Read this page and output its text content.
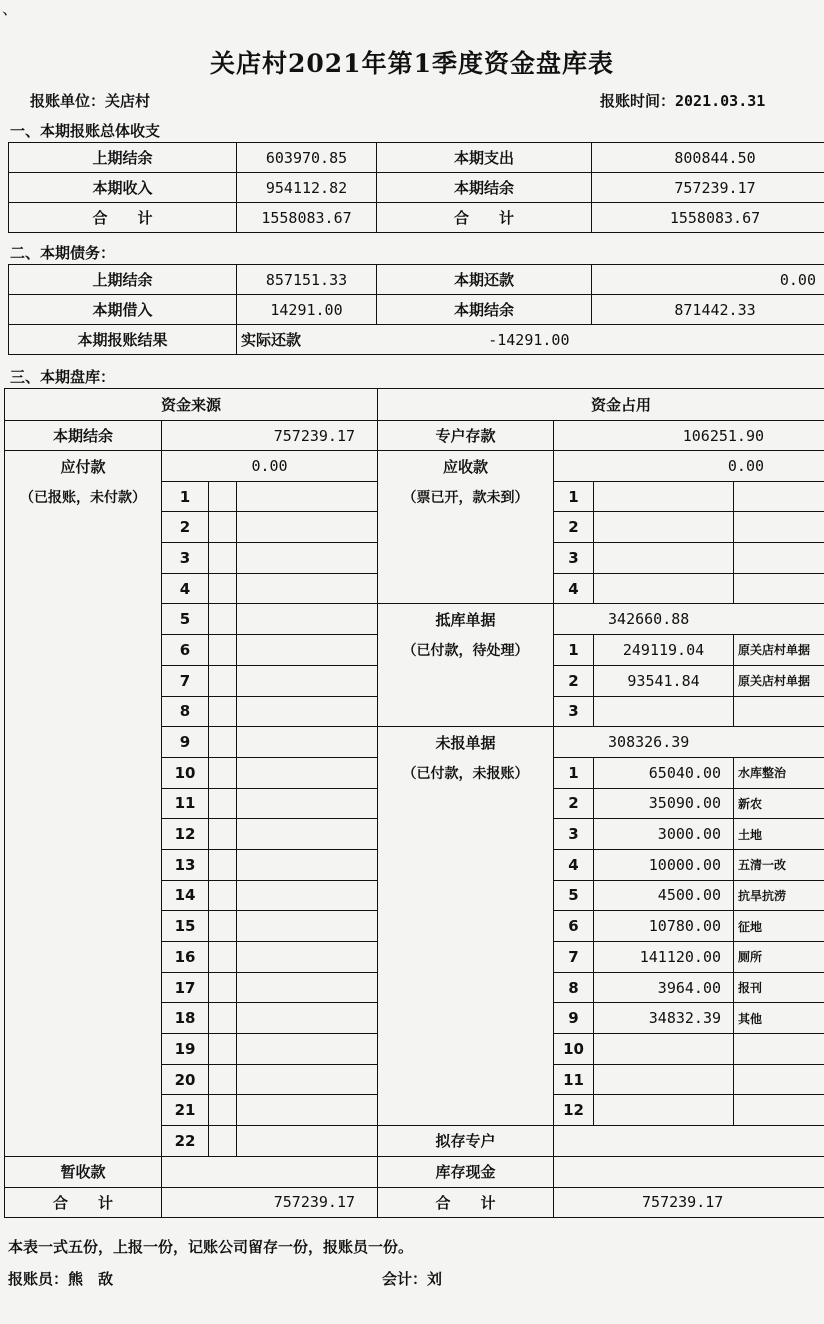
、
关店村2021年第1季度资金盘库表
报账单位：关店村	报账时间：2021.03.31
一、本期报账总体收支
上期结余	603970.85	本期支出	800844.50
本期收入	954112.82	本期结余	757239.17
合　　计	1558083.67	合　　计	1558083.67
二、本期债务：
上期结余	857151.33	本期还款	0.00
本期借入	14291.00	本期结余	871442.33
本期报账结果	实际还款	-14291.00	
三、本期盘库：
资金来源				资金占用			
本期结余	757239.17			专户存款	106251.90		
应付款	0.00			应收款	0.00		
（已报账，未付款）	1			（票已开，款未到）	1		
	2				2		
	3				3		
	4				4		
	5			抵库单据	342660.88		
	6			（已付款，待处理）	1	249119.04	原关店村单据
	7				2	93541.84	原关店村单据
	8				3		
	9			未报单据	308326.39		
	10			（已付款，未报账）	1	65040.00	水库整治
	11				2	35090.00	新农
	12				3	3000.00	土地
	13				4	10000.00	五清一改
	14				5	4500.00	抗旱抗涝
	15				6	10780.00	征地
	16				7	141120.00	厕所
	17				8	3964.00	报刊
	18				9	34832.39	其他
	19				10		
	20				11		
	21				12		
	22			拟存专户			
暂收款				库存现金			
合　　计	757239.17			合　　计	757239.17		
本表一式五份，上报一份，记账公司留存一份，报账员一份。
报账员：熊　敌	会计：刘
